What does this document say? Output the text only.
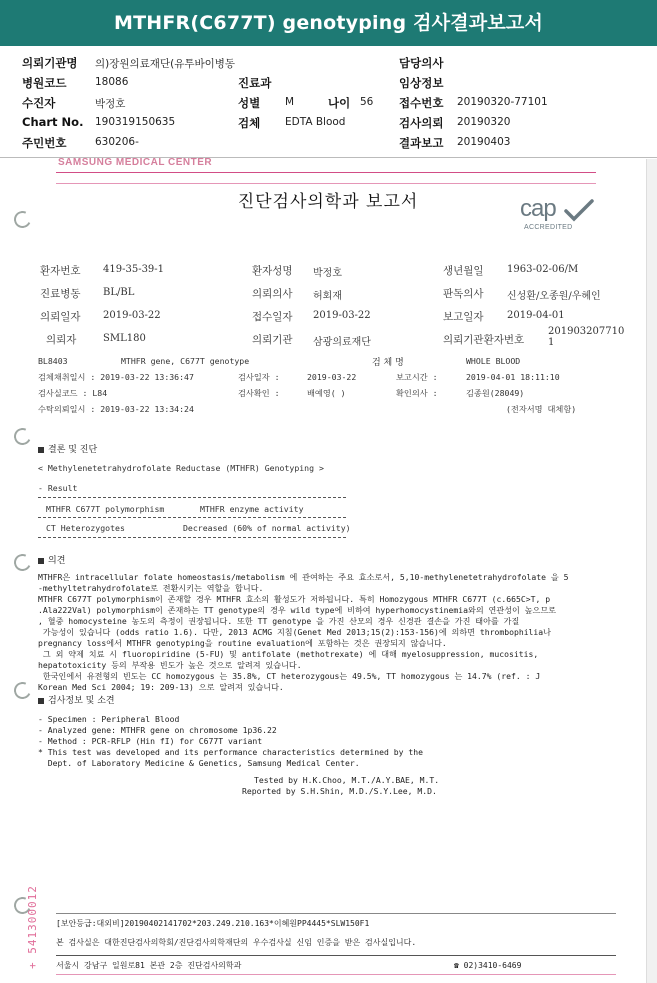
MTHFR(C677T) genotyping 검사결과보고서
의뢰기관명 의)장원의료재단(유투바이병동	담당의사
병원코드	18086	진료과	임상정보
수진자	박정호	성별 M	나이 56 접수번호 20190320-77101
Chart No. 190319150635	검체 EDTA Blood	검사의뢰 20190320
주민번호	630206-	결과보고 20190403
SAMSUNG MEDICAL CENTER
진단검사의학과 보고서	cap
ACCREDITED
환자번호 419-35-39-1	환자성명 박정호	생년월일 1963-02-06/M
진료병동 BL/BL	의뢰의사 허회재	판독의사 신성환/오종원/우혜인
의뢰일자 2019-03-22	접수일자 2019-03-22	보고일자 2019-04-01
의뢰자	SML180	의뢰기관 삼광의료재단	의뢰기관환자번호
201903207710
1
BL8403	MTHFR gene, C677T genotype	검 체 명	WHOLE BLOOD
검체채취일시 : 2019-03-22 13:36:47	검사일자 :	2019-03-22	보고시간 :	2019-04-01 18:11:10
검사실코드 : L84	검사확인 :	배예영( )	확인의사 :	김종원(28049)
수탁의뢰일시 : 2019-03-22 13:34:24	(전자서명 대체함)
결론 및 진단
< Methylenetetrahydrofolate Reductase (MTHFR) Genotyping >
- Result
MTHFR C677T polymorphism	MTHFR enzyme activity
CT Heterozygotes	Decreased (60% of normal activity)
의견
MTHFR은 intracellular folate homeostasis/metabolism 에 관여하는 주요 효소로서, 5,10-methylenetetrahydrofolate 을 5
-methyltetrahydrofolate로 전환시키는 역할을 합니다.
MTHFR C677T polymorphism이 존재할 경우 MTHFR 효소의 활성도가 저하됩니다. 특히 Homozygous MTHFR C677T (c.665C>T, p
.Ala222Val) polymorphism이 존재하는 TT genotype의 경우 wild type에 비하여 hyperhomocystinemia와의 연관성이 높으므로
, 혈중 homocysteine 농도의 측정이 권장됩니다. 또한 TT genotype 을 가진 산모의 경우 신경관 결손을 가진 태아를 가질
가능성이 있습니다 (odds ratio 1.6). 다만, 2013 ACMG 지침(Genet Med 2013;15(2):153-156)에 의하면 thrombophilia나
pregnancy loss에서 MTHFR genotyping을 routine evaluation에 포함하는 것은 권장되지 않습니다.
그 외 약제 치료 시 fluoropiridine (5-FU) 및 antifolate (methotrexate) 에 대해 myelosuppression, mucositis,
hepatotoxicity 등의 부작용 빈도가 높은 것으로 알려져 있습니다.
한국인에서 유전형의 빈도는 CC homozygous 는 35.8%, CT heterozygous는 49.5%, TT homozygous 는 14.7% (ref. : J
Korean Med Sci 2004; 19: 209-13) 으로 알려져 있습니다.
검사정보 및 소견
- Specimen : Peripheral Blood
- Analyzed gene: MTHFR gene on chromosome 1p36.22
- Method : PCR-RFLP (Hin fI) for C677T variant
* This test was developed and its performance characteristics determined by the
Dept. of Laboratory Medicine & Genetics, Samsung Medical Center.
Tested by H.K.Choo, M.T./A.Y.BAE, M.T.
Reported by S.H.Shin, M.D./S.Y.Lee, M.D.
+ 541300012 [보안등급:대외비]20190402141702*203.249.210.163*이혜원PP4445*SLW150F1
본 검사실은 대한진단검사의학회/진단검사의학재단의 우수검사실 신임 인증을 받은 검사실입니다.
서울시 강남구 일원로81 본관 2층 진단검사의학과	☎ 02)3410-6469
